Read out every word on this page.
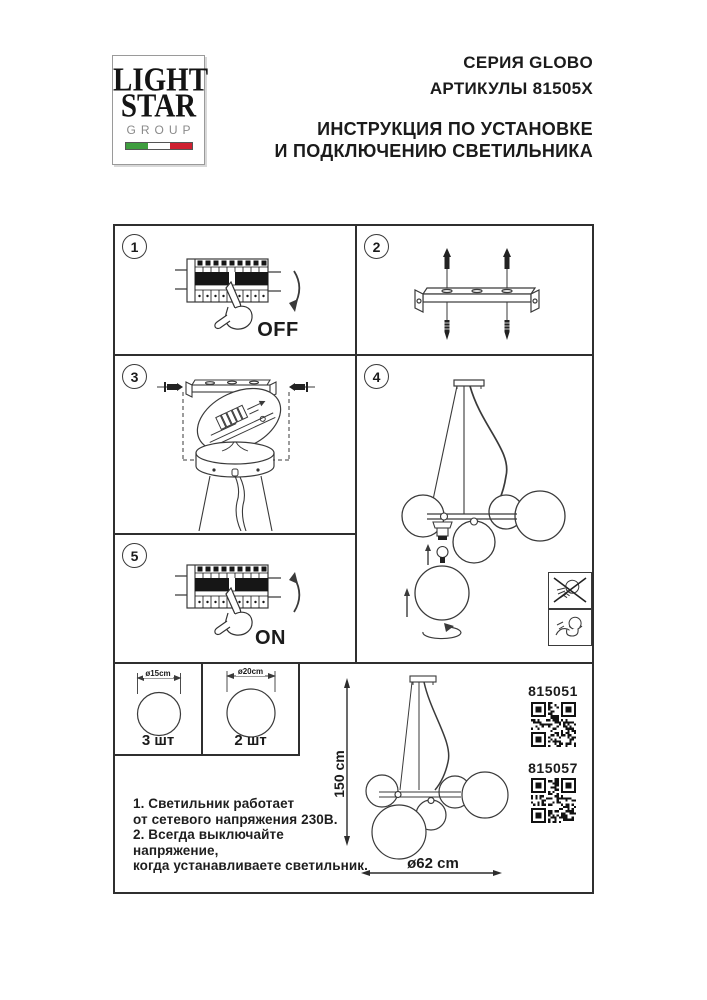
LIGHT
STAR
GROUP
СЕРИЯ GLOBO
АРТИКУЛЫ 81505X
ИНСТРУКЦИЯ ПО УСТАНОВКЕ
И ПОДКЛЮЧЕНИЮ СВЕТИЛЬНИКА
1
OFF
2
3	4
5
ON
ø15cm
3 шт
ø20cm
2 шт
150 cm
ø62 cm
1. Светильник работает
от сетевого напряжения 230В.
2. Всегда выключайте напряжение,
когда устанавливаете светильник.
815051
815057
